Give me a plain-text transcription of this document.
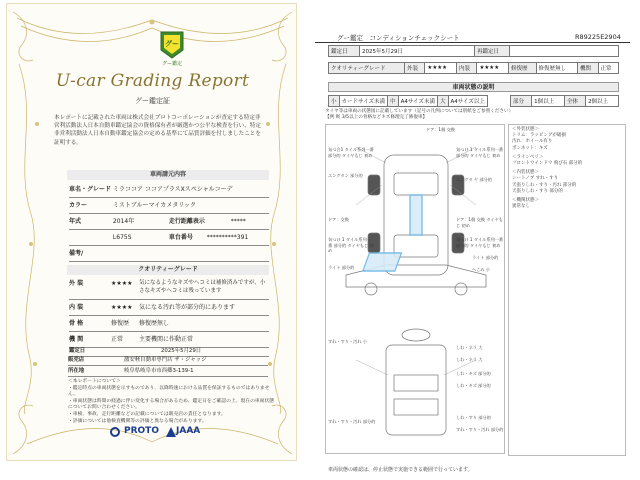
グー
グー鑑定
U-car Grading Report
グー鑑定証
本レポートに記載された車両は株式会社プロトコーポレーションが査定する特定非営利活動法人日本自動車鑑定協会の資格保有者が厳選かつ公平な検査を行い、特定非営利活動法人日本自動車鑑定協会の定める基準にて品質評価を付しましたことを証明する。
車両請元内容
車名・グレード ミラココア ココアプラスXスペシャルコーデ
カラー	ミストブルーマイカメタリック
年式	2014年	走行距離表示	*****
L675S	車台番号 **********391
備考/
クオリティーグレード
外 装	★★★★ 気になるようなキズやヘコミは補修済みですが、小さなキズやヘコミは残っています
内 装	★★★★ 気になる汚れ等が部分的にあります
骨 格	修復歴 修復歴無し
機 関	正常	主要機関に作動正常
鑑定日	2025年5月29日
販売店	激安軽自動車専門店 ザ・ジャッジ
所在地	岐阜県岐阜市市西郷3-139-1
＜本レポートについて＞
・鑑定時点の車両状態を示すものであり、以降時速における品質を保証するものではありません。
・車両状態は時間の経過に伴い変化する場合があるため、鑑定日をご確認の上、現在の車両状態についてお問い合わせください。
・車検、事故、走行距離などの記載については販売店の責任となります。
・評価については他検査機関等の評価と異なる場合があります。
PROTO JAAA
グー鑑定　コンディションチェックシート	R89225E2904
鑑定日	2025年5月29日	再鑑定日	
クオリティーグレード	外装	★★★★	内装	★★★★	修復歴	修復歴無し	機関	正常
車両状態の説明
小	カードサイズ未満	中	A4サイズ未満	大	A4サイズ以上	部分	1個以上	全体	2個以上
タイヤ等は車両の状態図に記載しています（記号の凡例については別紙をご参照ください）
【例 吸 3/5以上の骨格などキズ修理完了修復車】
ドア：1個 交換
気づ合1 タイル系列一番 部分的 タイヤもじ 初め
エングタン 部分的
気つけ 1 タイル系列一番 部分的 タイヤもじ 初め
エングタ ヤ 部分的
ドア：交換	ドア：1個 交換 タイヤもじ 初め
ライト 部分的
ライト 部分的
ヘこみ 小
気つけ 1 タイル系列一番 部分的 タイヤもじ 初め
気つけ 1 タイル系列一番 部分的 タイヤもじ 初め
すれ・すり・汚れ 小
しわ・ネラ 大
しわ・ネラ 大
しわ・キズ 部分的
しわ・キズ 部分的
すれ・すり・汚れ 部分的
しわ・すり 部分的
すれ・すり・汚れ 部分的
＜外装状態＞
トリム：ラッピングが破損
汚れ：ホイール有り
ボンネット：キズ
＜ラインベリ＞
フロントウインドウ 飛び石 部分的
＜内装状態＞
シートノブ すれ・すり
天張りしわ・すり・汚れ 部分的
天張りしわ・すり 部分的
＜機関状態＞
異常なし
車両状態の確認は、停止状態で実施できる範囲で行っています。
